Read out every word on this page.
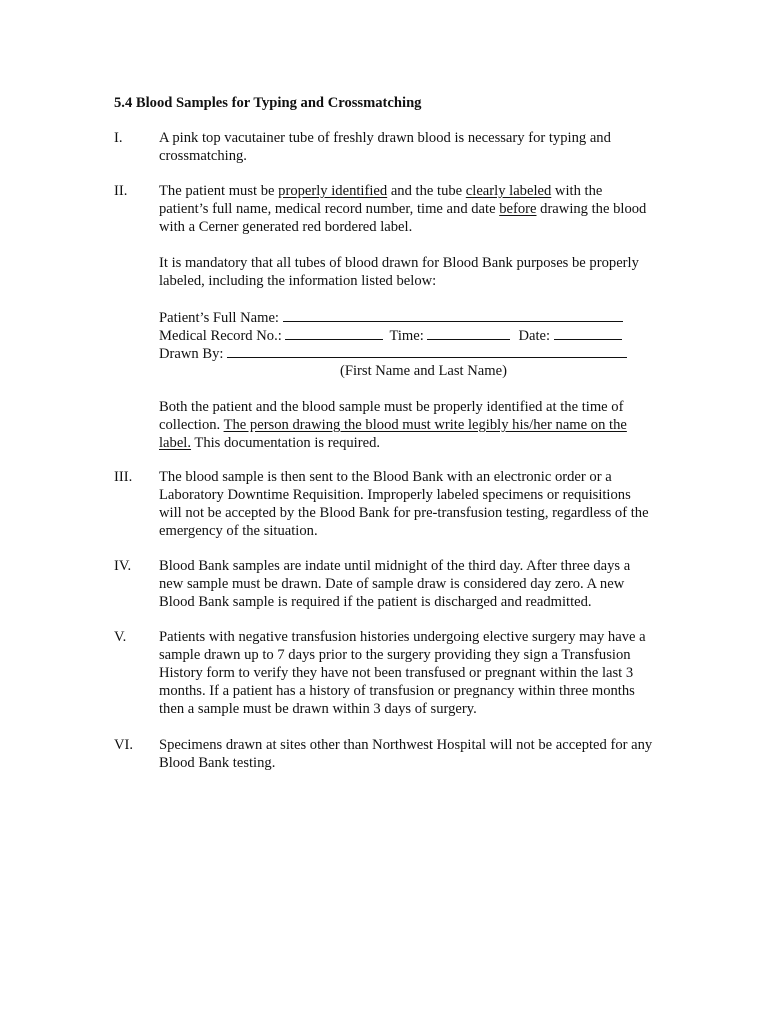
5.4 Blood Samples for Typing and Crossmatching

I.	A pink top vacutainer tube of freshly drawn blood is necessary for typing and crossmatching.

II.	The patient must be properly identified and the tube clearly labeled with the patient’s full name, medical record number, time and date before drawing the blood with a Cerner generated red bordered label.

It is mandatory that all tubes of blood drawn for Blood Bank purposes be properly labeled, including the information listed below:

Patient’s Full Name:

Medical Record No.:	Time:	Date:

Drawn By:

(First Name and Last Name)

Both the patient and the blood sample must be properly identified at the time of collection. The person drawing the blood must write legibly his/her name on the label. This documentation is required.

III.	The blood sample is then sent to the Blood Bank with an electronic order or a Laboratory Downtime Requisition. Improperly labeled specimens or requisitions will not be accepted by the Blood Bank for pre-transfusion testing, regardless of the emergency of the situation.

IV.	Blood Bank samples are indate until midnight of the third day. After three days a new sample must be drawn. Date of sample draw is considered day zero. A new Blood Bank sample is required if the patient is discharged and readmitted.

V.	Patients with negative transfusion histories undergoing elective surgery may have a sample drawn up to 7 days prior to the surgery providing they sign a Transfusion History form to verify they have not been transfused or pregnant within the last 3 months. If a patient has a history of transfusion or pregnancy within three months then a sample must be drawn within 3 days of surgery.

VI.	Specimens drawn at sites other than Northwest Hospital will not be accepted for any Blood Bank testing.
